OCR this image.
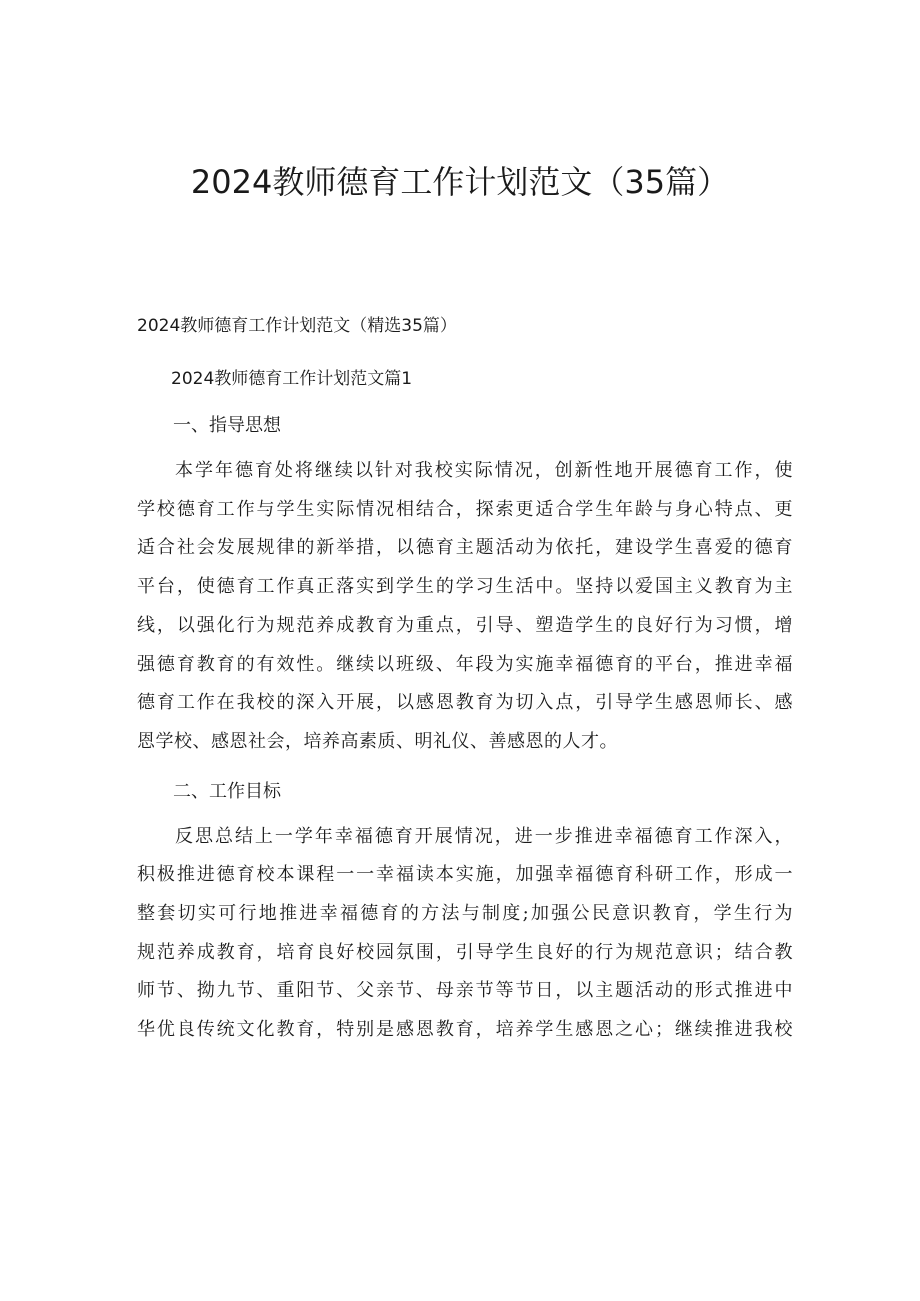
2024教师德育工作计划范文（35篇）

2024教师德育工作计划范文（精选35篇）

2024教师德育工作计划范文篇1

一、指导思想

本学年德育处将继续以针对我校实际情况，创新性地开展德育工作，使
学校德育工作与学生实际情况相结合，探索更适合学生年龄与身心特点、更
适合社会发展规律的新举措，以德育主题活动为依托，建设学生喜爱的德育
平台，使德育工作真正落实到学生的学习生活中。坚持以爱国主义教育为主
线，以强化行为规范养成教育为重点，引导、塑造学生的良好行为习惯，增
强德育教育的有效性。继续以班级、年段为实施幸福德育的平台，推进幸福
德育工作在我校的深入开展，以感恩教育为切入点，引导学生感恩师长、感
恩学校、感恩社会，培养高素质、明礼仪、善感恩的人才。

二、工作目标

反思总结上一学年幸福德育开展情况，进一步推进幸福德育工作深入，
积极推进德育校本课程一一幸福读本实施，加强幸福德育科研工作，形成一
整套切实可行地推进幸福德育的方法与制度;加强公民意识教育，学生行为
规范养成教育，培育良好校园氛围，引导学生良好的行为规范意识；结合教
师节、拗九节、重阳节、父亲节、母亲节等节日，以主题活动的形式推进中
华优良传统文化教育，特别是感恩教育，培养学生感恩之心；继续推进我校
